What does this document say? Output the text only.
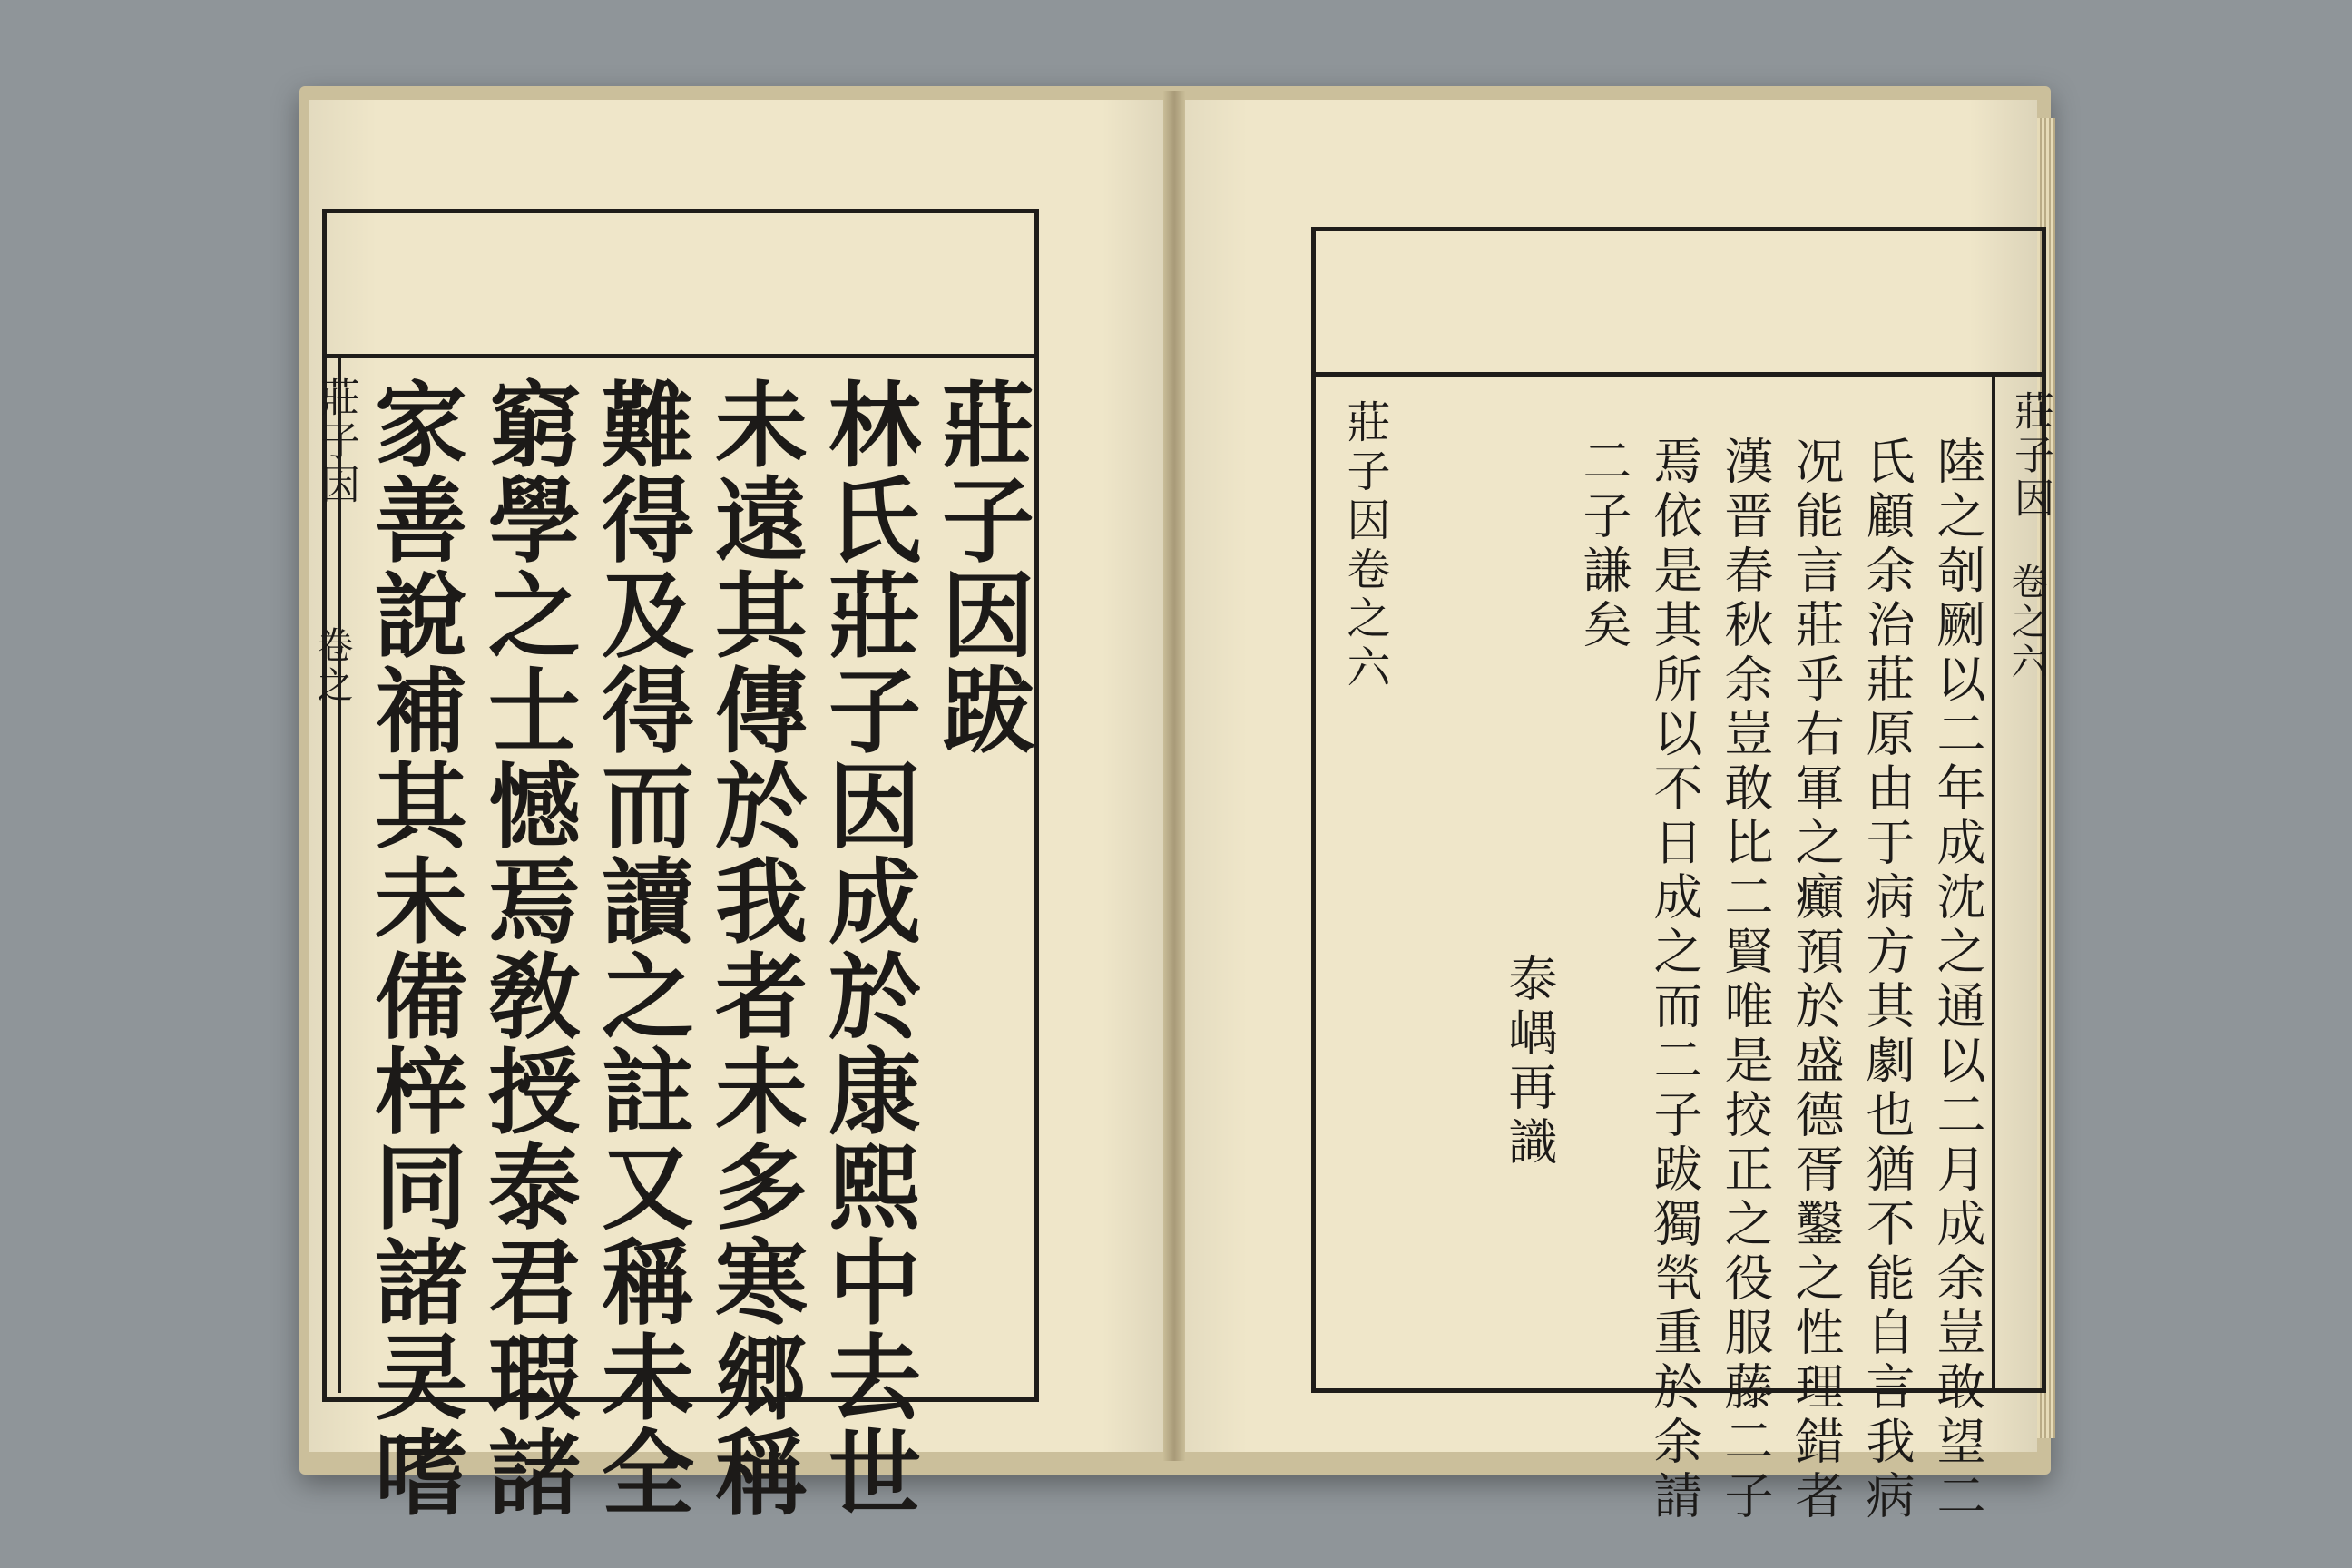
莊子因
卷之	莊子因跋
林氏莊子因成於康熙中去世
未遠其傳於我者未多寒郷稱
難得及得而讀之註又稱未全
窮學之士憾焉敎授泰君瑕諸
家善說補其未備梓同諸㚑嗜	莊子因
卷之六
陸之剞劂以二年成沈之通以二月成余豈敢望二
氏顧余治莊原由于病方其劇也猶不能自言我病
况能言莊乎右軍之癲預於盛德胥鑿之性理錯者
漢晋春秋余豈敢比二賢唯是挍正之役服藤二子
焉依是其所以不日成之而二子跋獨㷀重於余請
二子謙矣
泰嵎再識
莊子因卷之六
